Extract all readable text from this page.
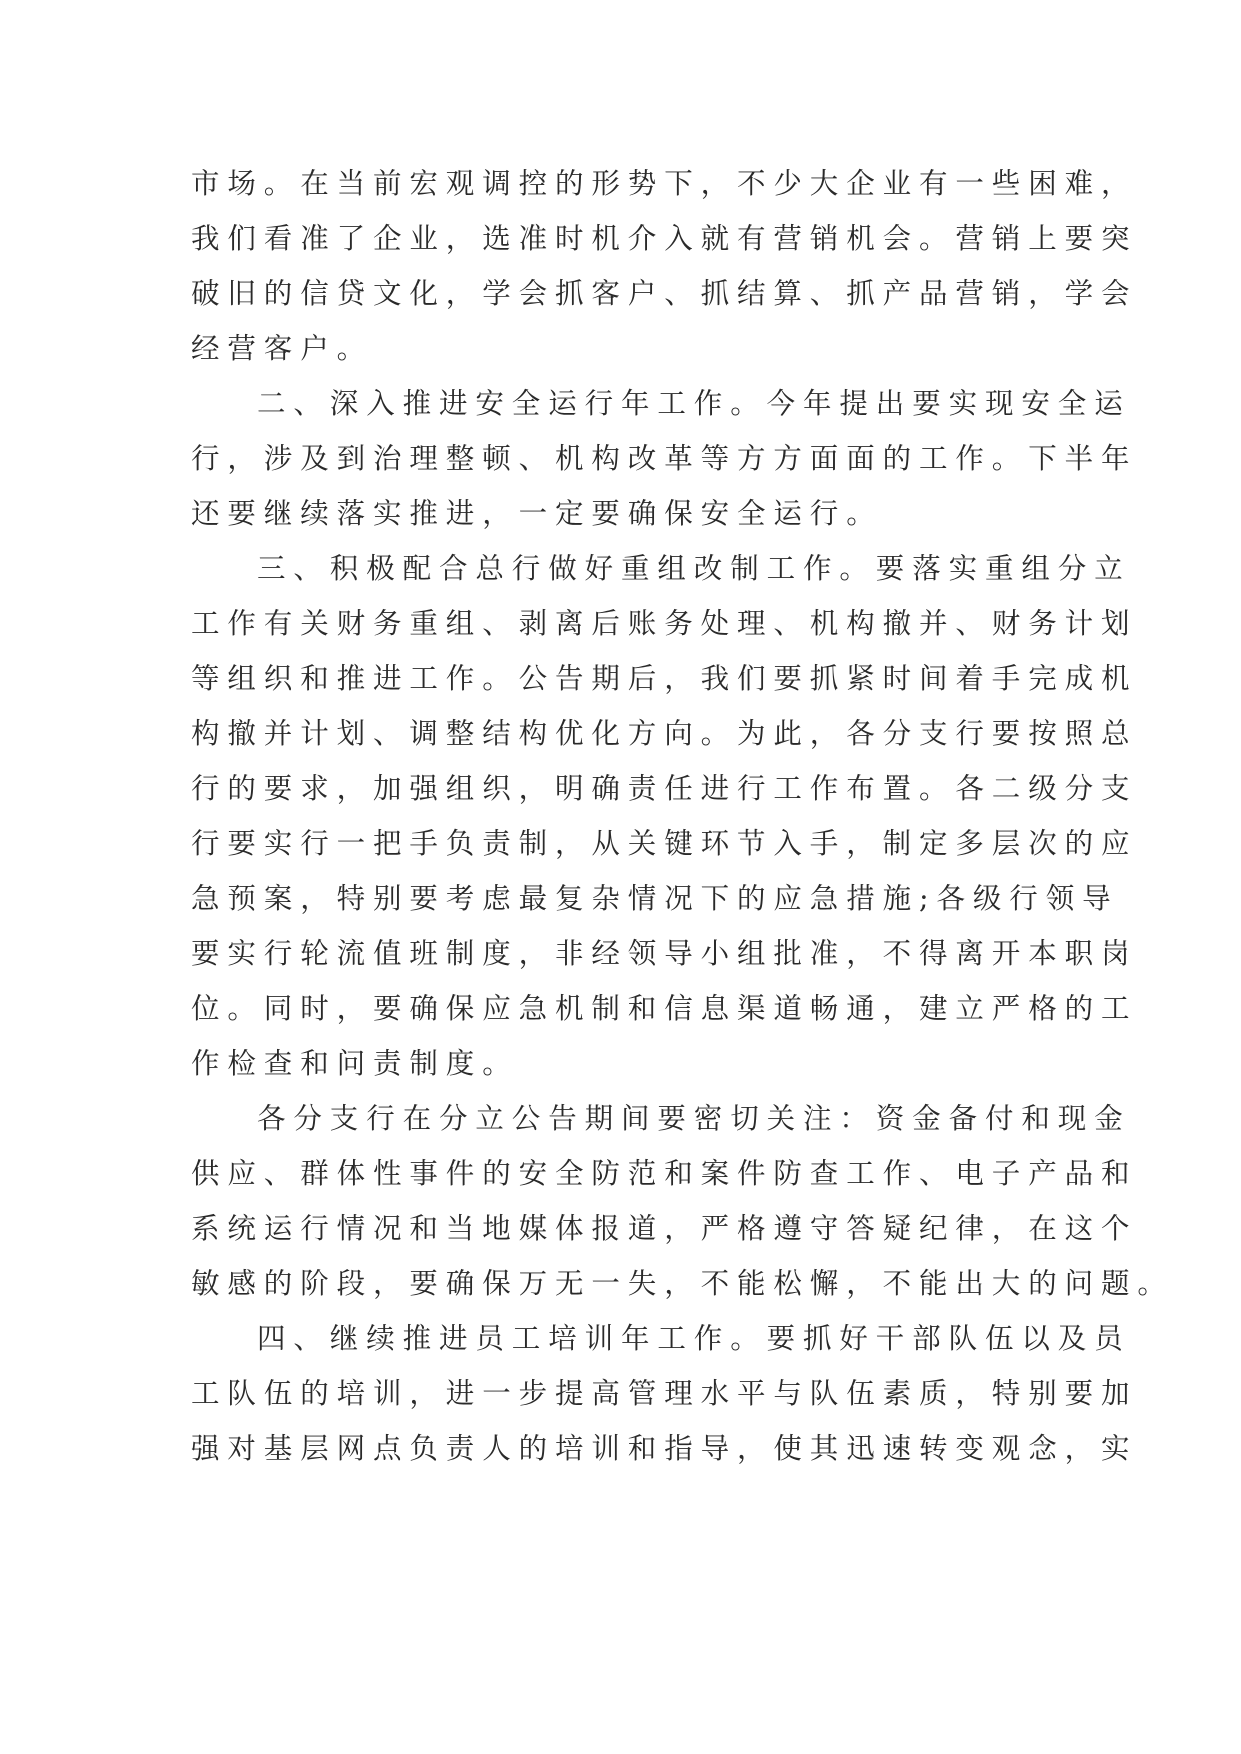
市场。在当前宏观调控的形势下，不少大企业有一些困难，
我们看准了企业，选准时机介入就有营销机会。营销上要突
破旧的信贷文化，学会抓客户、抓结算、抓产品营销，学会
经营客户。
二、深入推进安全运行年工作。今年提出要实现安全运
行，涉及到治理整顿、机构改革等方方面面的工作。下半年
还要继续落实推进，一定要确保安全运行。
三、积极配合总行做好重组改制工作。要落实重组分立
工作有关财务重组、剥离后账务处理、机构撤并、财务计划
等组织和推进工作。公告期后，我们要抓紧时间着手完成机
构撤并计划、调整结构优化方向。为此，各分支行要按照总
行的要求，加强组织，明确责任进行工作布置。各二级分支
行要实行一把手负责制，从关键环节入手，制定多层次的应
急预案，特别要考虑最复杂情况下的应急措施;各级行领导
要实行轮流值班制度，非经领导小组批准，不得离开本职岗
位。同时，要确保应急机制和信息渠道畅通，建立严格的工
作检查和问责制度。
各分支行在分立公告期间要密切关注：资金备付和现金
供应、群体性事件的安全防范和案件防查工作、电子产品和
系统运行情况和当地媒体报道，严格遵守答疑纪律，在这个
敏感的阶段，要确保万无一失，不能松懈，不能出大的问题。
四、继续推进员工培训年工作。要抓好干部队伍以及员
工队伍的培训，进一步提高管理水平与队伍素质，特别要加
强对基层网点负责人的培训和指导，使其迅速转变观念，实
